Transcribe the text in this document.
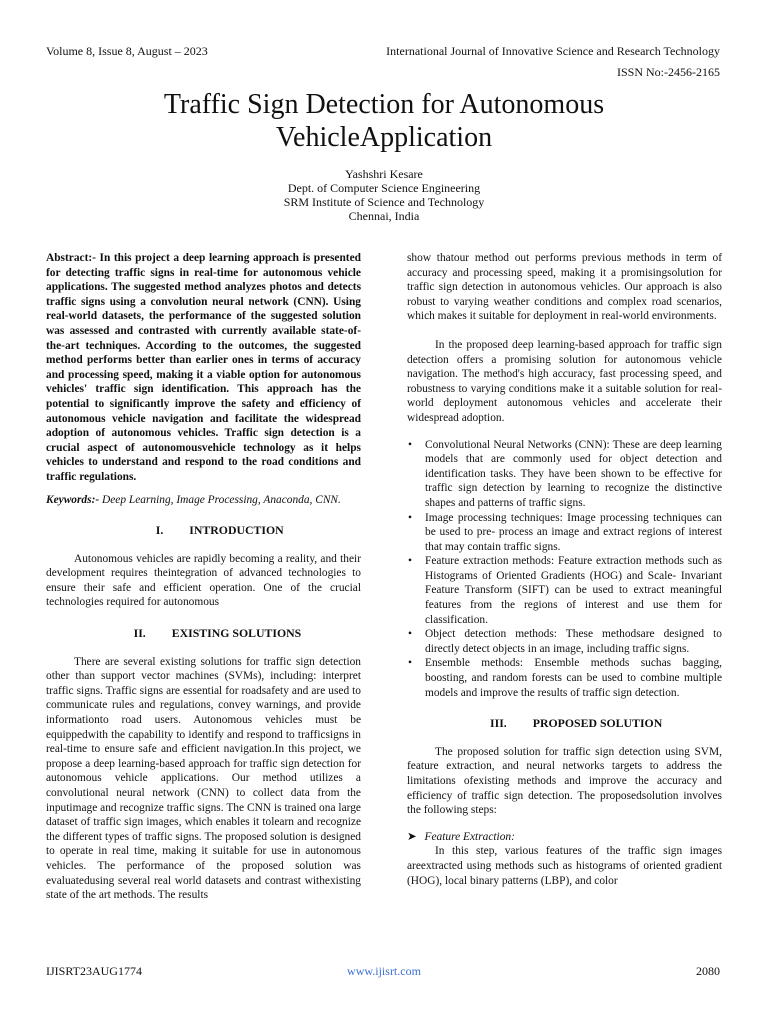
Volume 8, Issue 8, August – 2023	International Journal of Innovative Science and Research Technology
ISSN No:-2456-2165
Traffic Sign Detection for Autonomous
VehicleApplication
Yashshri Kesare
Dept. of Computer Science Engineering
SRM Institute of Science and Technology
Chennai, India

Abstract:- In this project a deep learning approach is presented for detecting traffic signs in real-time for autonomous vehicle applications. The suggested method analyzes photos and detects traffic signs using a convolution neural network (CNN). Using real-world datasets, the performance of the suggested solution was assessed and contrasted with currently available state-of-the-art techniques. According to the outcomes, the suggested method performs better than earlier ones in terms of accuracy and processing speed, making it a viable option for autonomous vehicles' traffic sign identification. This approach has the potential to significantly improve the safety and efficiency of autonomous vehicle navigation and facilitate the widespread adoption of autonomous vehicles. Traffic sign detection is a crucial aspect of autonomousvehicle technology as it helps vehicles to understand and respond to the road conditions and traffic regulations.

Keywords:- Deep Learning, Image Processing, Anaconda, CNN.

I. INTRODUCTION

Autonomous vehicles are rapidly becoming a reality, and their development requires theintegration of advanced technologies to ensure their safe and efficient operation. One of the crucial technologies required for autonomous

II. EXISTING SOLUTIONS

There are several existing solutions for traffic sign detection other than support vector machines (SVMs), including: interpret traffic signs. Traffic signs are essential for roadsafety and are used to communicate rules and regulations, convey warnings, and provide informationto road users. Autonomous vehicles must be equippedwith the capability to identify and respond to trafficsigns in real-time to ensure safe and efficient navigation.In this project, we propose a deep learning-based approach for traffic sign detection for autonomous vehicle applications. Our method utilizes a convolutional neural network (CNN) to collect data from the inputimage and recognize traffic signs. The CNN is trained ona large dataset of traffic sign images, which enables it tolearn and recognize the different types of traffic signs. The proposed solution is designed to operate in real time, making it suitable for use in autonomous vehicles. The performance of the proposed solution was evaluatedusing several real world datasets and contrast withexisting state of the art methods. The results

show thatour method out performs previous methods in term of accuracy and processing speed, making it a promisingsolution for traffic sign detection in autonomous vehicles. Our approach is also robust to varying weather conditions and complex road scenarios, which makes it suitable for deployment in real-world environments.

In the proposed deep learning-based approach for traffic sign detection offers a promising solution for autonomous vehicle navigation. The method's high accuracy, fast processing speed, and robustness to varying conditions make it a suitable solution for real- world deployment autonomous vehicles and accelerate their widespread adoption.

• Convolutional Neural Networks (CNN): These are deep learning models that are commonly used for object detection and identification tasks. They have been shown to be effective for traffic sign detection by learning to recognize the distinctive shapes and patterns of traffic signs.
• Image processing techniques: Image processing techniques can be used to pre- process an image and extract regions of interest that may contain traffic signs.
• Feature extraction methods: Feature extraction methods such as Histograms of Oriented Gradients (HOG) and Scale- Invariant Feature Transform (SIFT) can be used to extract meaningful features from the regions of interest and use them for classification.
• Object detection methods: These methodsare designed to directly detect objects in an image, including traffic signs.
• Ensemble methods: Ensemble methods suchas bagging, boosting, and random forests can be used to combine multiple models and improve the results of traffic sign detection.

III. PROPOSED SOLUTION

The proposed solution for traffic sign detection using SVM, feature extraction, and neural networks targets to address the limitations ofexisting methods and improve the accuracy and efficiency of traffic sign detection. The proposedsolution involves the following steps:

➤ Feature Extraction:

In this step, various features of the traffic sign images areextracted using methods such as histograms of oriented gradient (HOG), local binary patterns (LBP), and color

IJISRT23AUG1774	www.ijisrt.com	2080
